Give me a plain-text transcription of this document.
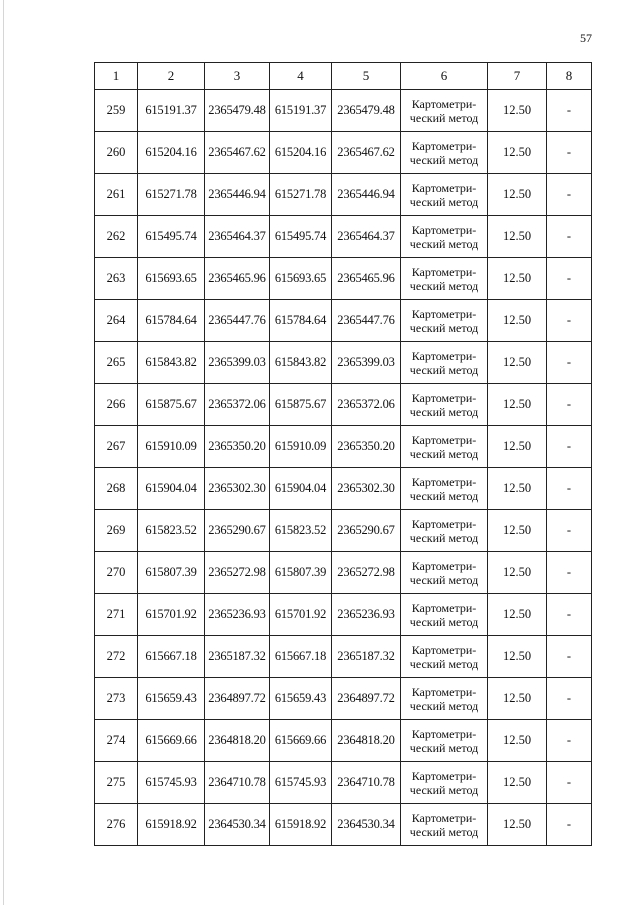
57
1	2	3	4	5	6	7	8
259	615191.37	2365479.48	615191.37	2365479.48	Картометри-
ческий метод	12.50	-
260	615204.16	2365467.62	615204.16	2365467.62	Картометри-
ческий метод	12.50	-
261	615271.78	2365446.94	615271.78	2365446.94	Картометри-
ческий метод	12.50	-
262	615495.74	2365464.37	615495.74	2365464.37	Картометри-
ческий метод	12.50	-
263	615693.65	2365465.96	615693.65	2365465.96	Картометри-
ческий метод	12.50	-
264	615784.64	2365447.76	615784.64	2365447.76	Картометри-
ческий метод	12.50	-
265	615843.82	2365399.03	615843.82	2365399.03	Картометри-
ческий метод	12.50	-
266	615875.67	2365372.06	615875.67	2365372.06	Картометри-
ческий метод	12.50	-
267	615910.09	2365350.20	615910.09	2365350.20	Картометри-
ческий метод	12.50	-
268	615904.04	2365302.30	615904.04	2365302.30	Картометри-
ческий метод	12.50	-
269	615823.52	2365290.67	615823.52	2365290.67	Картометри-
ческий метод	12.50	-
270	615807.39	2365272.98	615807.39	2365272.98	Картометри-
ческий метод	12.50	-
271	615701.92	2365236.93	615701.92	2365236.93	Картометри-
ческий метод	12.50	-
272	615667.18	2365187.32	615667.18	2365187.32	Картометри-
ческий метод	12.50	-
273	615659.43	2364897.72	615659.43	2364897.72	Картометри-
ческий метод	12.50	-
274	615669.66	2364818.20	615669.66	2364818.20	Картометри-
ческий метод	12.50	-
275	615745.93	2364710.78	615745.93	2364710.78	Картометри-
ческий метод	12.50	-
276	615918.92	2364530.34	615918.92	2364530.34	Картометри-
ческий метод	12.50	-
